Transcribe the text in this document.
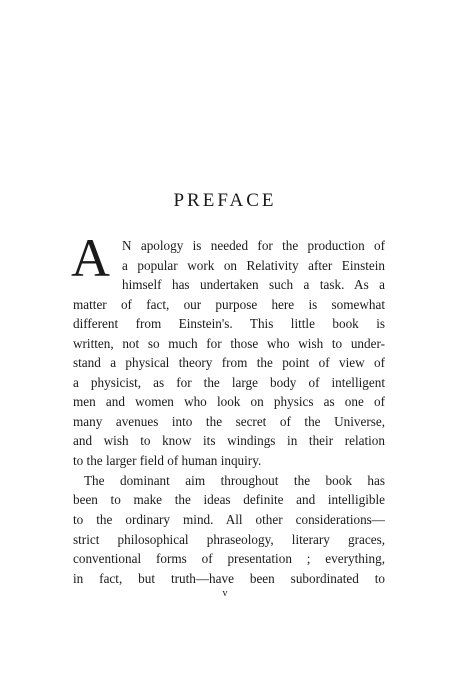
PREFACE
A N apology is needed for the production of

a popular work on Relativity after Einstein

himself has undertaken such a task. As a

matter of fact, our purpose here is somewhat

different from Einstein's. This little book is

written, not so much for those who wish to under-

stand a physical theory from the point of view of

a physicist, as for the large body of intelligent

men and women who look on physics as one of

many avenues into the secret of the Universe,

and wish to know its windings in their relation

to the larger field of human inquiry.

The dominant aim throughout the book has

been to make the ideas definite and intelligible

to the ordinary mind. All other considerations—

strict philosophical phraseology, literary graces,

conventional forms of presentation ; everything,

in fact, but truth—have been subordinated to

v
